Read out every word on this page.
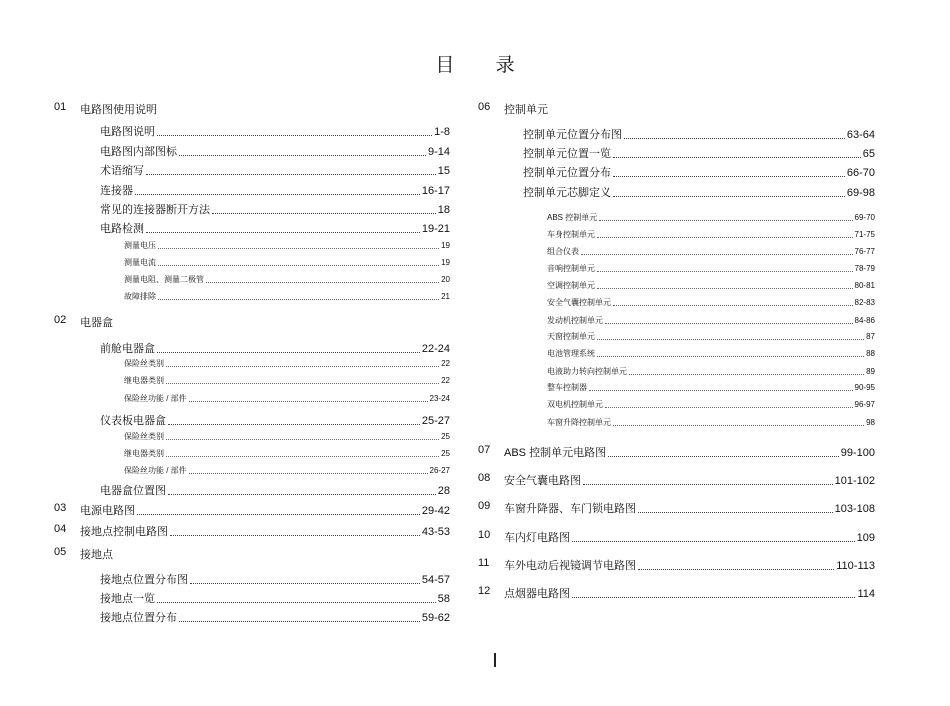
目 录
01 电路图使用说明
电路图说明	1-8
电路图内部图标	9-14
术语缩写	15
连接器	16-17
常见的连接器断开方法	18
电路检测	19-21
测量电压	19
测量电流	19
测量电阻、测量二极管	20
故障排除	21
02 电器盒
前舱电器盒	22-24
保险丝类别	22
继电器类别	22
保险丝功能 / 部件	23-24
仪表板电器盒	25-27
保险丝类别	25
继电器类别	25
保险丝功能 / 部件	26-27
电器盒位置图	28
03 电源电路图	29-42
04 接地点控制电路图	43-53
05 接地点
接地点位置分布图	54-57
接地点一览	58
接地点位置分布	59-62
06 控制单元
控制单元位置分布图	63-64
控制单元位置一览	65
控制单元位置分布	66-70
控制单元芯脚定义	69-98
ABS 控制单元	69-70
车身控制单元	71-75
组合仪表	76-77
音响控制单元	78-79
空调控制单元	80-81
安全气囊控制单元	82-83
发动机控制单元	84-86
天窗控制单元	87
电池管理系统	88
电液助力转向控制单元	89
整车控制器	90-95
双电机控制单元	96-97
车窗升降控制单元	98
07 ABS 控制单元电路图	99-100
08 安全气囊电路图	101-102
09 车窗升降器、车门锁电路图	103-108
10 车内灯电路图	109
11 车外电动后视镜调节电路图	110-113
12 点烟器电路图	114
